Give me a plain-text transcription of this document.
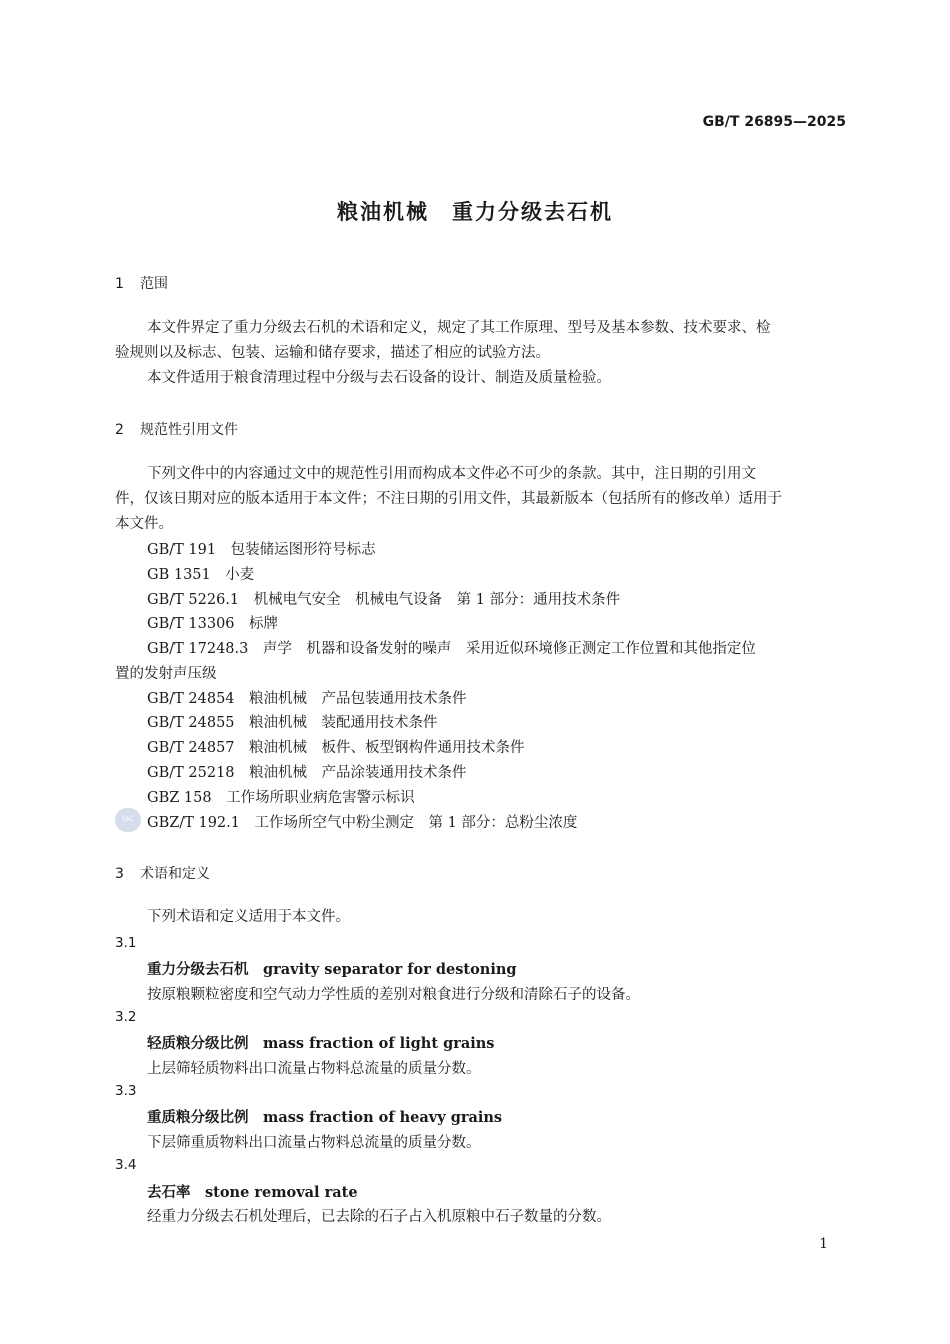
GB/T 26895—2025
粮油机械　重力分级去石机
1 范围
本文件界定了重力分级去石机的术语和定义，规定了其工作原理、型号及基本参数、技术要求、检
验规则以及标志、包装、运输和储存要求，描述了相应的试验方法。
本文件适用于粮食清理过程中分级与去石设备的设计、制造及质量检验。
2 规范性引用文件
下列文件中的内容通过文中的规范性引用而构成本文件必不可少的条款。其中，注日期的引用文
件，仅该日期对应的版本适用于本文件；不注日期的引用文件，其最新版本（包括所有的修改单）适用于
本文件。
GB/T 191　包装储运图形符号标志
GB 1351　小麦
GB/T 5226.1　机械电气安全　机械电气设备　第 1 部分：通用技术条件
GB/T 13306　标牌
GB/T 17248.3　声学　机器和设备发射的噪声　采用近似环境修正测定工作位置和其他指定位
置的发射声压级
GB/T 24854　粮油机械　产品包装通用技术条件
GB/T 24855　粮油机械　装配通用技术条件
GB/T 24857　粮油机械　板件、板型钢构件通用技术条件
GB/T 25218　粮油机械　产品涂装通用技术条件
GBZ 158　工作场所职业病危害警示标识
SAC GBZ/T 192.1　工作场所空气中粉尘测定　第 1 部分：总粉尘浓度
3 术语和定义
下列术语和定义适用于本文件。
3.1
重力分级去石机　 gravity separator for destoning
按原粮颗粒密度和空气动力学性质的差别对粮食进行分级和清除石子的设备。
3.2
轻质粮分级比例　 mass fraction of light grains
上层筛轻质物料出口流量占物料总流量的质量分数。
3.3
重质粮分级比例　 mass fraction of heavy grains
下层筛重质物料出口流量占物料总流量的质量分数。
3.4
去石率　 stone removal rate
经重力分级去石机处理后，已去除的石子占入机原粮中石子数量的分数。
1
